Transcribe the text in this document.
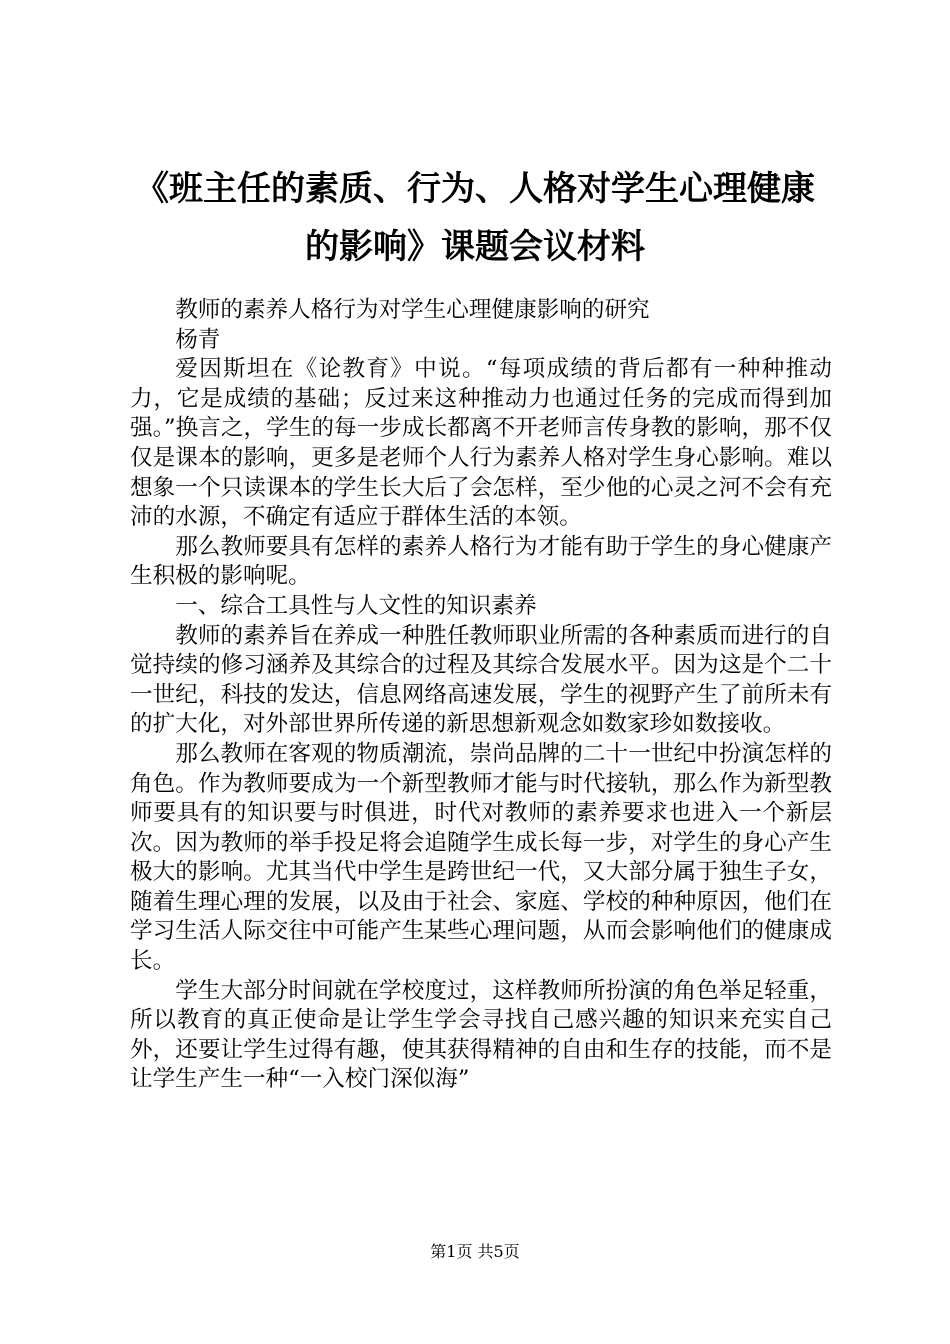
《班主任的素质、行为、人格对学生心理健康的影响》课题会议材料

教师的素养人格行为对学生心理健康影响的研究

杨青

爱因斯坦在《论教育》中说。“每项成绩的背后都有一种种推动力，它是成绩的基础；反过来这种推动力也通过任务的完成而得到加强。”换言之，学生的每一步成长都离不开老师言传身教的影响，那不仅仅是课本的影响，更多是老师个人行为素养人格对学生身心影响。难以想象一个只读课本的学生长大后了会怎样，至少他的心灵之河不会有充沛的水源，不确定有适应于群体生活的本领。

那么教师要具有怎样的素养人格行为才能有助于学生的身心健康产生积极的影响呢。

一、综合工具性与人文性的知识素养

教师的素养旨在养成一种胜任教师职业所需的各种素质而进行的自觉持续的修习涵养及其综合的过程及其综合发展水平。因为这是个二十一世纪，科技的发达，信息网络高速发展，学生的视野产生了前所未有的扩大化，对外部世界所传递的新思想新观念如数家珍如数接收。

那么教师在客观的物质潮流，崇尚品牌的二十一世纪中扮演怎样的角色。作为教师要成为一个新型教师才能与时代接轨，那么作为新型教师要具有的知识要与时俱进，时代对教师的素养要求也进入一个新层次。因为教师的举手投足将会追随学生成长每一步，对学生的身心产生极大的影响。尤其当代中学生是跨世纪一代，又大部分属于独生子女，随着生理心理的发展，以及由于社会、家庭、学校的种种原因，他们在学习生活人际交往中可能产生某些心理问题，从而会影响他们的健康成长。

学生大部分时间就在学校度过，这样教师所扮演的角色举足轻重，所以教育的真正使命是让学生学会寻找自己感兴趣的知识来充实自己外，还要让学生过得有趣，使其获得精神的自由和生存的技能，而不是让学生产生一种“一入校门深似海”

第1页 共5页
